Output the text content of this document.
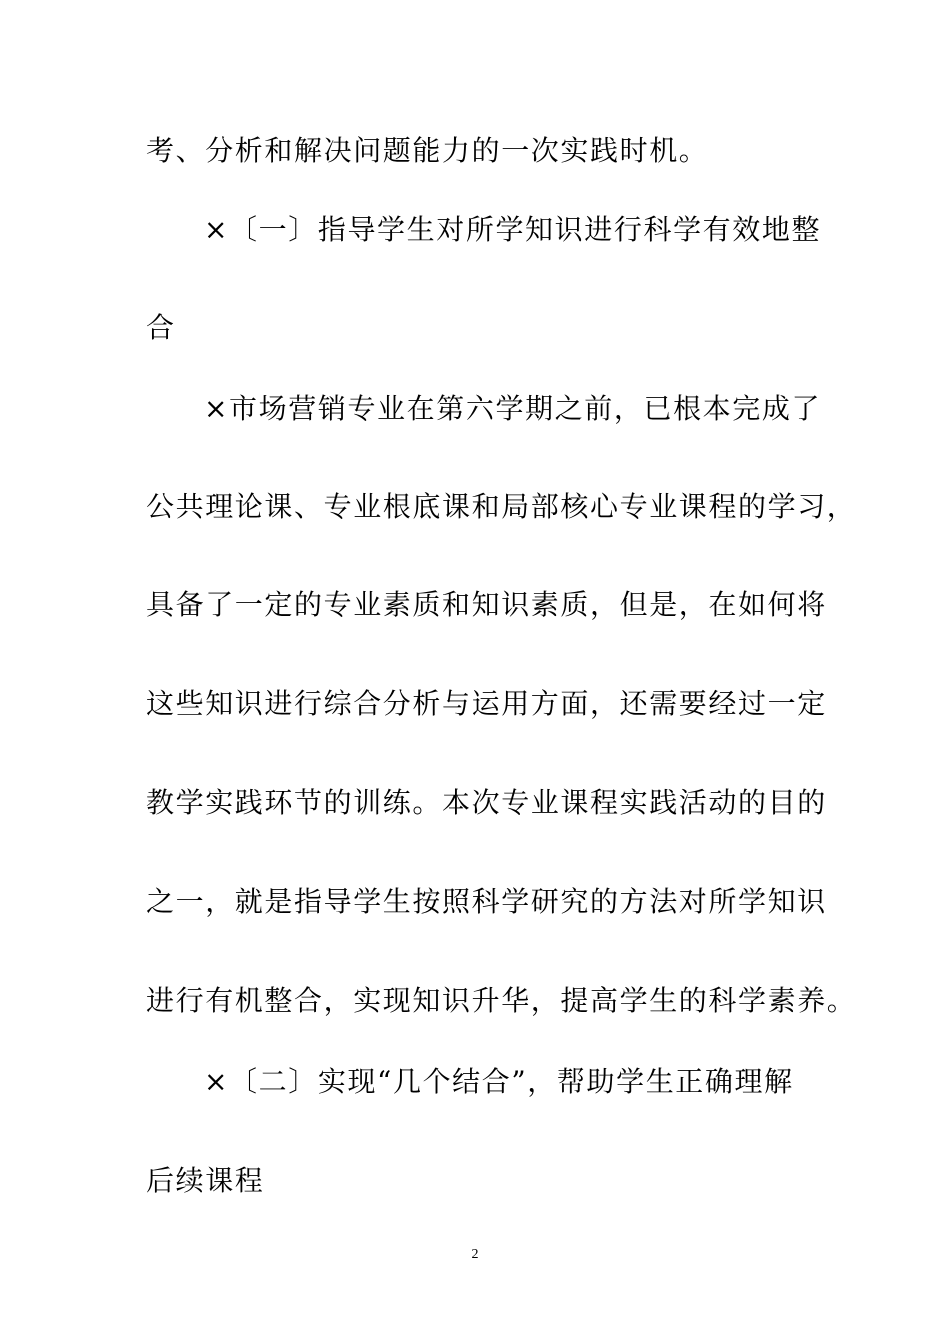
考、分析和解决问题能力的一次实践时机。
×〔一〕指导学生对所学知识进行科学有效地整
合
×市场营销专业在第六学期之前，已根本完成了
公共理论课、专业根底课和局部核心专业课程的学习，
具备了一定的专业素质和知识素质，但是，在如何将
这些知识进行综合分析与运用方面，还需要经过一定
教学实践环节的训练。本次专业课程实践活动的目的
之一，就是指导学生按照科学研究的方法对所学知识
进行有机整合，实现知识升华，提高学生的科学素养。
×〔二〕实现“几个结合”，帮助学生正确理解
后续课程
2
